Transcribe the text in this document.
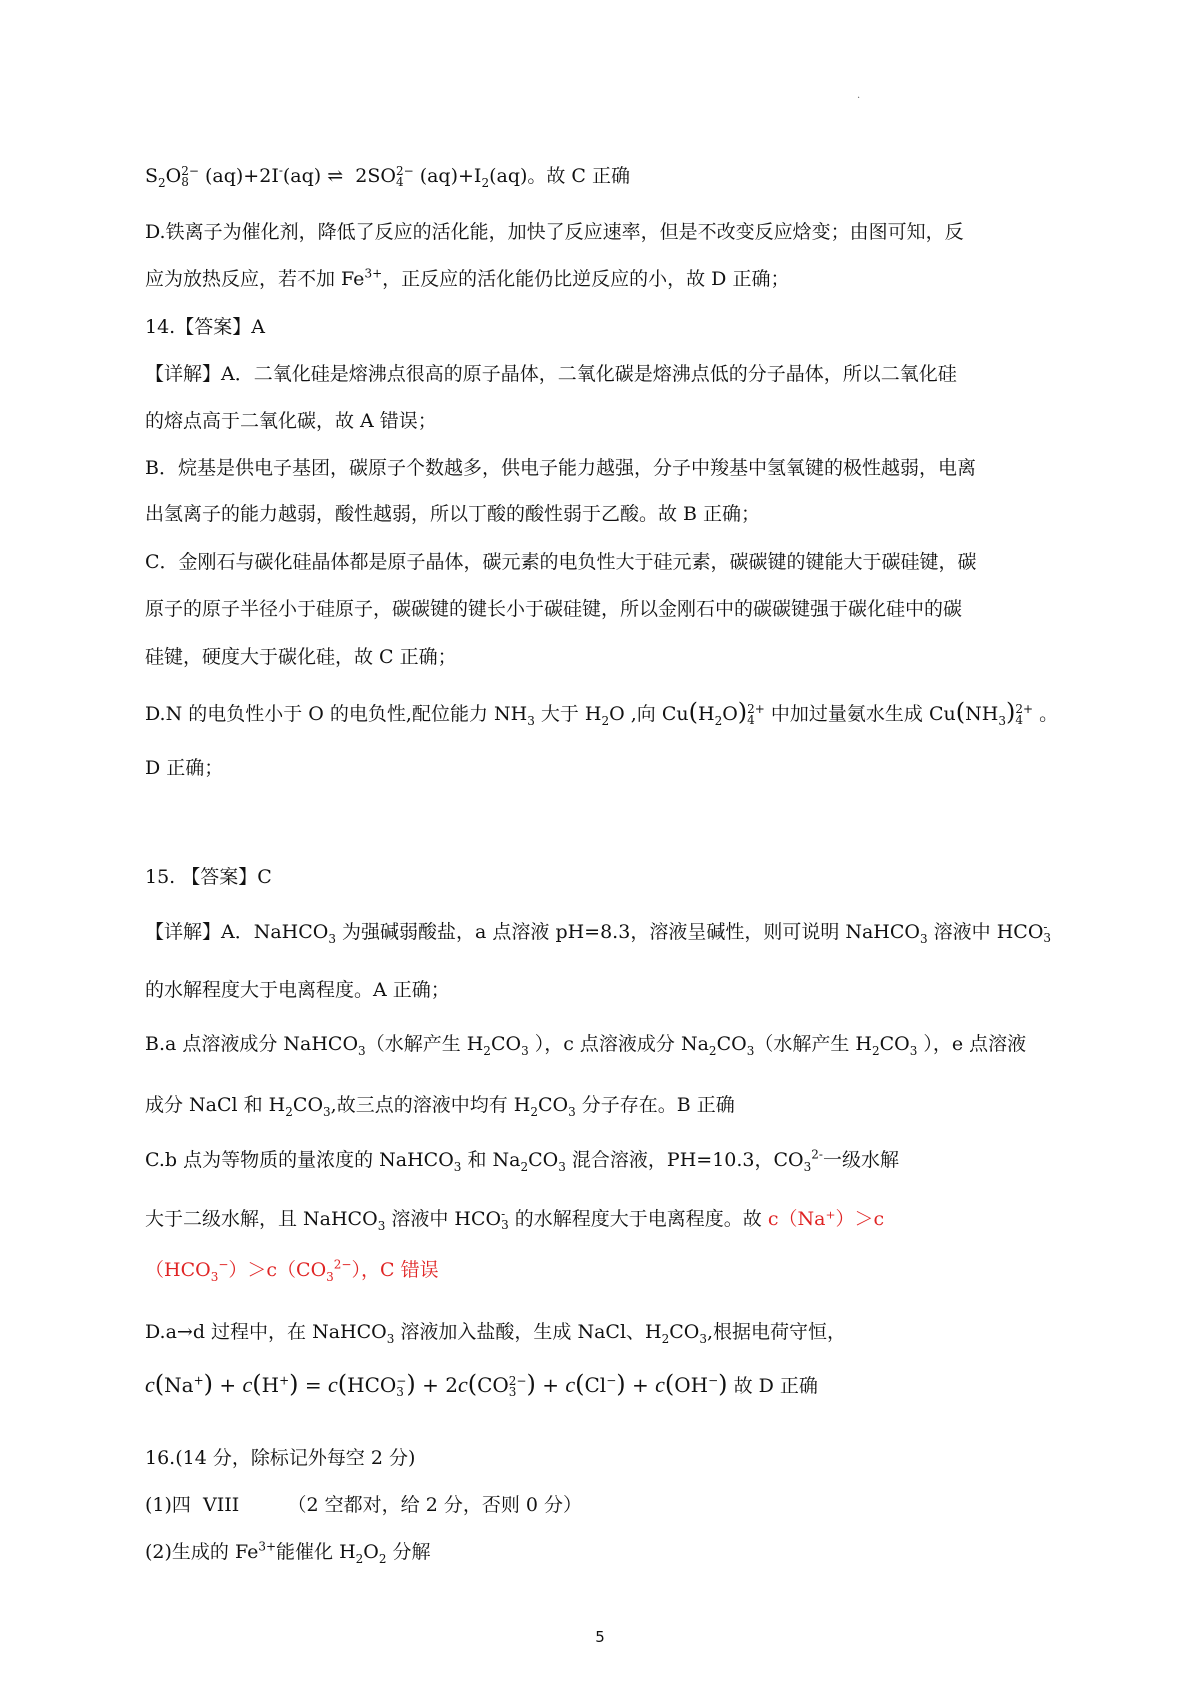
.
$S_2O$ 2−
8 (aq)+2I-(aq) ⇌ 2SO 2−
4 $(aq)+I_2(aq)$。故 C 正确
D.铁离子为催化剂，降低了反应的活化能，加快了反应速率，但是不改变反应焓变；由图可知，反
应为放热反应，若不加 $Fe^{3+}$，正反应的活化能仍比逆反应的小，故 D 正确；
14.【答案】A
【详解】A．二氧化硅是熔沸点很高的原子晶体，二氧化碳是熔沸点低的分子晶体，所以二氧化硅
的熔点高于二氧化碳，故 A 错误；
B．烷基是供电子基团，碳原子个数越多，供电子能力越强，分子中羧基中氢氧键的极性越弱，电离
出氢离子的能力越弱，酸性越弱，所以丁酸的酸性弱于乙酸。故 B 正确；
C．金刚石与碳化硅晶体都是原子晶体，碳元素的电负性大于硅元素，碳碳键的键能大于碳硅键，碳
原子的原子半径小于硅原子，碳碳键的键长小于碳硅键，所以金刚石中的碳碳键强于碳化硅中的碳
硅键，硬度大于碳化硅，故 C 正确；
D.N 的电负性小于 O 的电负性,配位能力 $NH_3$ 大于 $H_2O$ ,向 $Cu(H_2O)$ 2+
4 中加过量氨水生成 $Cu(NH_3)$ 2+
4 。
D 正确；
15. 【答案】C
【详解】A．NaHCO$_3$ 为强碱弱酸盐，a 点溶液 pH=8.3，溶液呈碱性，则可说明 NaHCO$_3$ 溶液中 HCO -
3
的水解程度大于电离程度。A 正确；
B.a 点溶液成分 NaHCO$_3$（水解产生 $H_2CO_3$ ），c 点溶液成分 $Na_2CO_3$（水解产生 $H_2CO_3$ ），e 点溶液
成分 NaCl 和 $H_2CO_3$,故三点的溶液中均有 $H_2CO_3$ 分子存在。B 正确
C.b 点为等物质的量浓度的 NaHCO$_3$ 和 $Na_2CO_3$ 混合溶液，PH=10.3，$CO_3^{2-}$一级水解
大于二级水解，且 NaHCO$_3$ 溶液中 HCO -
3 的水解程度大于电离程度。故 c（Na⁺）＞c
$(HCO_3^-)>c(CO_3^{2-})$，C 错误
D.a→d 过程中，在 NaHCO$_3$ 溶液加入盐酸，生成 NaCl、$H_2CO_3$,根据电荷守恒，
c(Na+) + c(H+) = c(HCO −
3 ) + 2c(CO 2−
3 ) + c(Cl−) + c(OH−) 故 D 正确
16.(14 分，除标记外每空 2 分)
(1)四  VIII        （2 空都对，给 2 分，否则 0 分）
(2)生成的 $Fe^{3+}$能催化 $H_2O_2$ 分解
5
